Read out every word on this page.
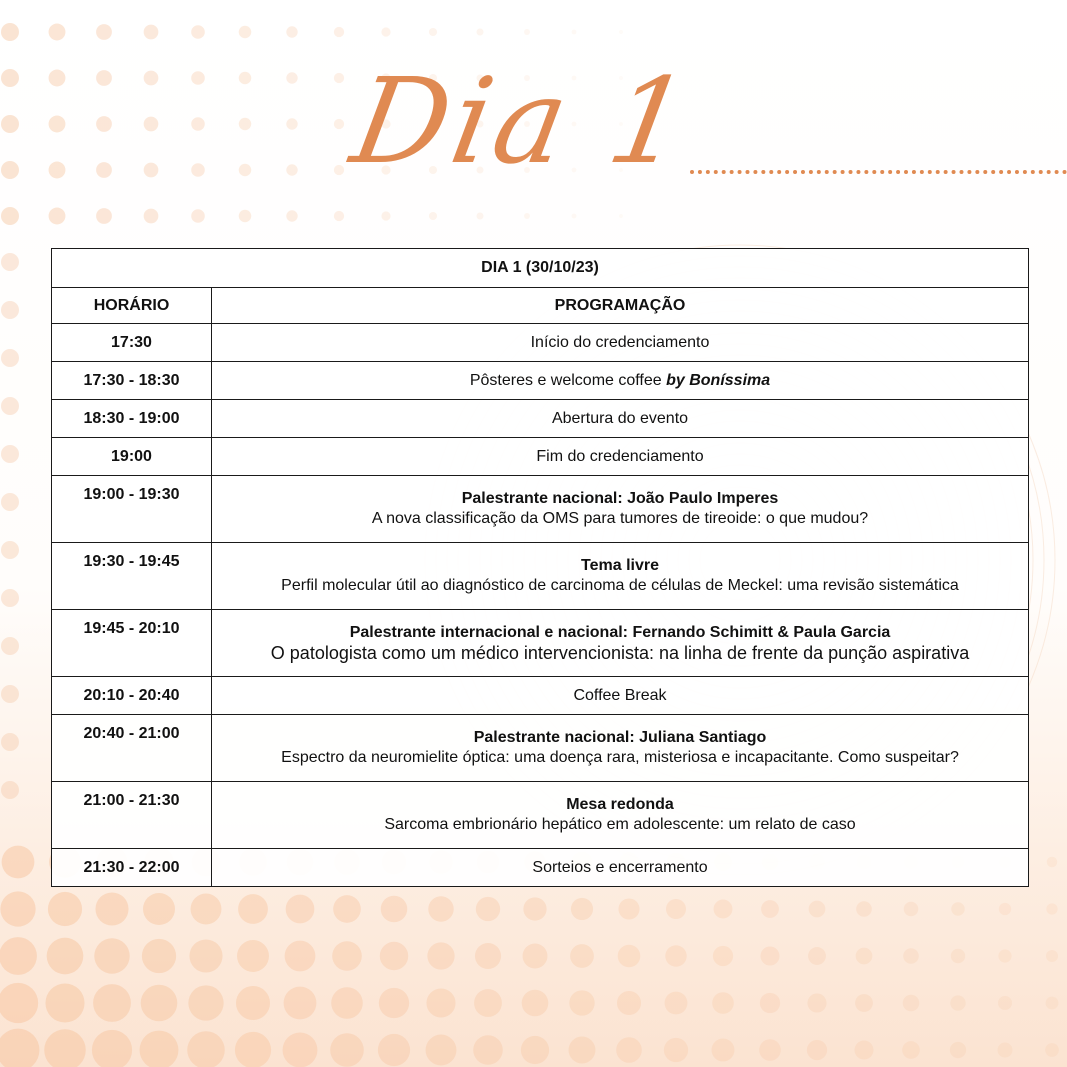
Dia 1
DIA 1 (30/10/23)	
HORÁRIO	PROGRAMAÇÃO
17:30	Início do credenciamento
17:30 - 18:30	Pôsteres e welcome coffee by Boníssima
18:30 - 19:00	Abertura do evento
19:00	Fim do credenciamento
19:00 - 19:30	Palestrante nacional: João Paulo Imperes
A nova classificação da OMS para tumores de tireoide: o que mudou?

19:30 - 19:45	Tema livre
Perfil molecular útil ao diagnóstico de carcinoma de células de Meckel: uma revisão sistemática

19:45 - 20:10	Palestrante internacional e nacional: Fernando Schimitt & Paula Garcia
O patologista como um médico intervencionista: na linha de frente da punção aspirativa

20:10 - 20:40	Coffee Break
20:40 - 21:00	Palestrante nacional: Juliana Santiago
Espectro da neuromielite óptica: uma doença rara, misteriosa e incapacitante. Como suspeitar?

21:00 - 21:30	Mesa redonda
Sarcoma embrionário hepático em adolescente: um relato de caso

21:30 - 22:00	Sorteios e encerramento
